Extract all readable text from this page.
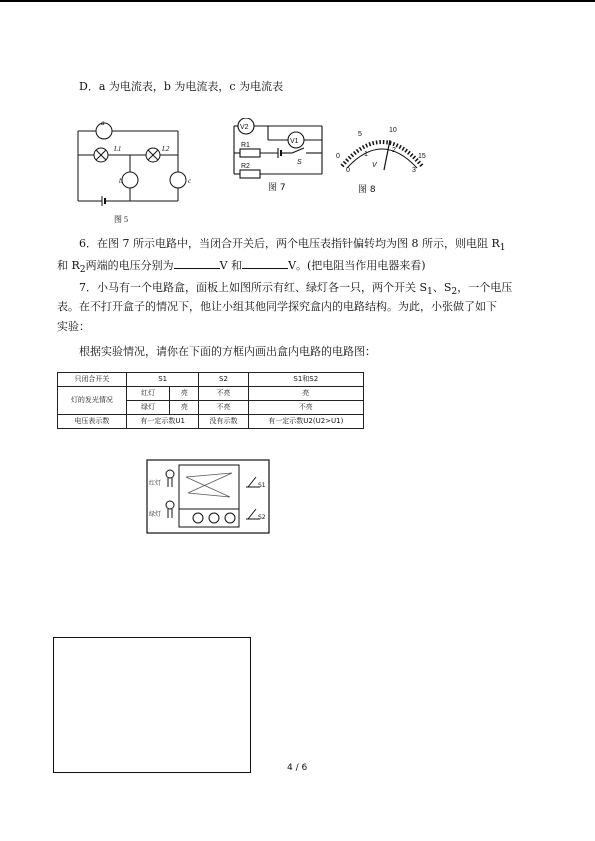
D．a 为电流表，b 为电流表，c 为电流表
a
L1	L2
b	c
图 5
V2
V1
R1
R2
S
图 7
0
5
10
15
0
1
2
3
V
图 8
6．在图 7 所示电路中，当闭合开关后，两个电压表指针偏转均为图 8 所示，则电阻 $R_1$
和 $R_2$两端的电压分别为	V 和	V。(把电阻当作用电器来看)
7．小马有一个电路盒，面板上如图所示有红、绿灯各一只，两个开关 $S_1$、$S_2$，一个电压
表。在不打开盒子的情况下，他让小组其他同学探究盒内的电路结构。为此，小张做了如下
实验：
根据实验情况，请你在下面的方框内画出盒内电路的电路图：
只闭合开关	S1		S2	S1和S2
灯的发光情况	红灯	亮	不亮	亮
	绿灯	亮	不亮	不亮
电压表示数	有一定示数U1		没有示数	有一定示数U2(U2>U1)
红灯
绿灯
S1
S2
4 / 6
